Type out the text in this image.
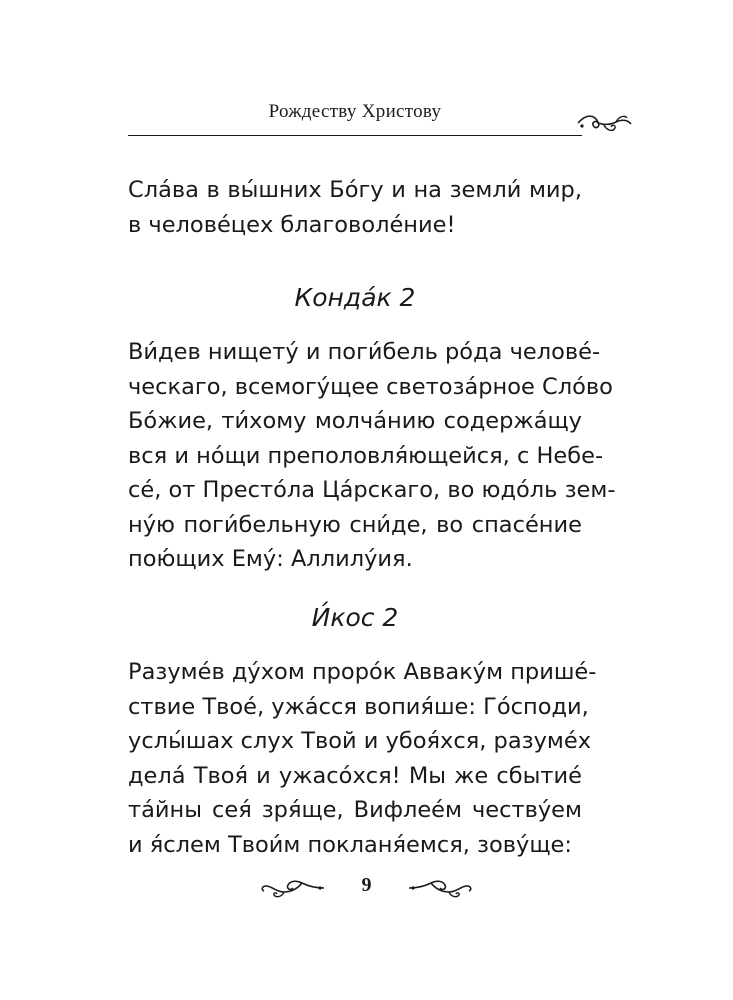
Рождеству Христову
Сла́ва в вы́шних Бо́гу и на земли́ мир,
в челове́цех благоволе́ние!
Конда́к 2
Ви́дев нищету́ и поги́бель ро́да челове́-
ческаго, всемогу́щее светоза́рное Сло́во
Бо́жие, ти́хому молча́нию содержа́щу
вся и но́щи преполовля́ющейся, с Небе-
се́, от Престо́ла Ца́рскаго, во юдо́ль зем-
ну́ю поги́бельную сни́де, во спасе́ние
пою́щих Ему́: Аллилу́ия.
И́кос 2
Разуме́в ду́хом проро́к Авваку́м прише́-
ствие Твое́, ужа́сся вопия́ше: Го́споди,
услы́шах слух Твой и убоя́хся, разуме́х
дела́ Твоя́ и ужасо́хся! Мы же сбытие́
та́йны сея́ зря́ще, Вифлее́м честву́ем
и я́слем Твои́м покланя́емся, зову́ще:
9
